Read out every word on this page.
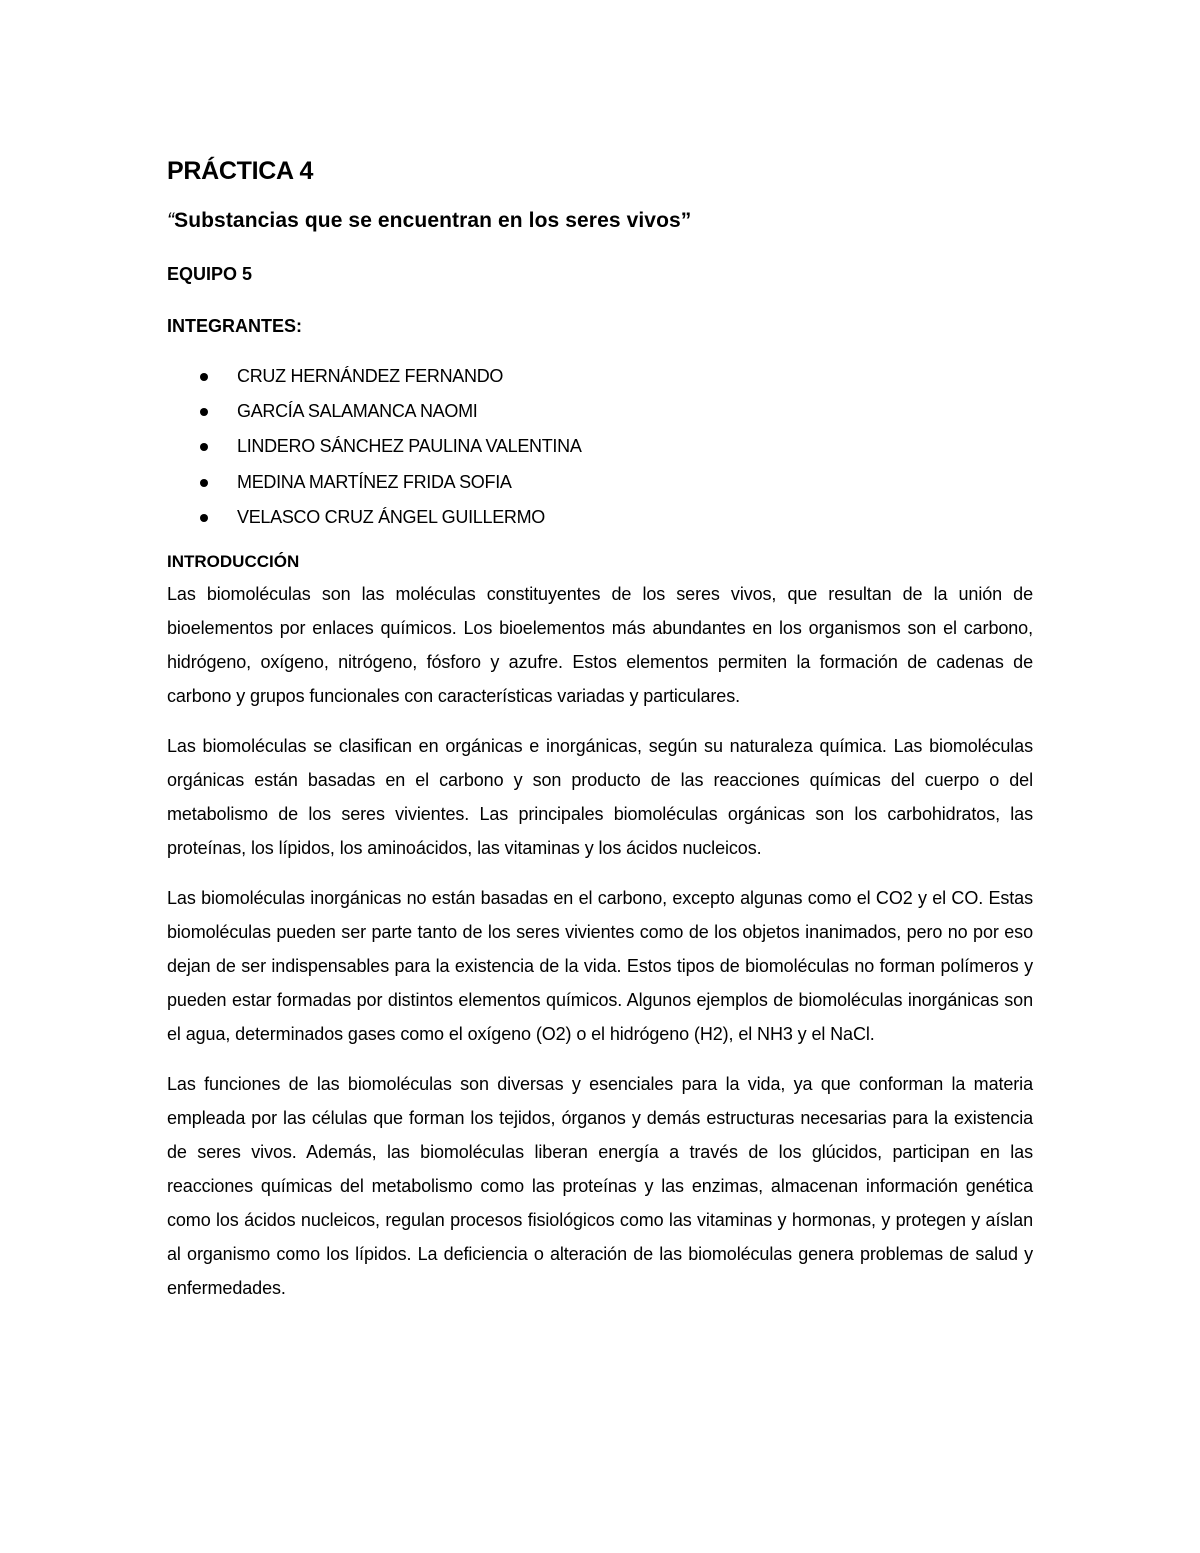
PRÁCTICA 4
“Substancias que se encuentran en los seres vivos”
EQUIPO 5
INTEGRANTES:
CRUZ HERNÁNDEZ FERNANDO
GARCÍA SALAMANCA NAOMI
LINDERO SÁNCHEZ PAULINA VALENTINA
MEDINA MARTÍNEZ FRIDA SOFIA
VELASCO CRUZ ÁNGEL GUILLERMO
INTRODUCCIÓN

Las biomoléculas son las moléculas constituyentes de los seres vivos, que resultan de la unión de bioelementos por enlaces químicos. Los bioelementos más abundantes en los organismos son el carbono, hidrógeno, oxígeno, nitrógeno, fósforo y azufre. Estos elementos permiten la formación de cadenas de carbono y grupos funcionales con características variadas y particulares.

Las biomoléculas se clasifican en orgánicas e inorgánicas, según su naturaleza química. Las biomoléculas orgánicas están basadas en el carbono y son producto de las reacciones químicas del cuerpo o del metabolismo de los seres vivientes. Las principales biomoléculas orgánicas son los carbohidratos, las proteínas, los lípidos, los aminoácidos, las vitaminas y los ácidos nucleicos.

Las biomoléculas inorgánicas no están basadas en el carbono, excepto algunas como el CO2 y el CO. Estas biomoléculas pueden ser parte tanto de los seres vivientes como de los objetos inanimados, pero no por eso dejan de ser indispensables para la existencia de la vida. Estos tipos de biomoléculas no forman polímeros y pueden estar formadas por distintos elementos químicos. Algunos ejemplos de biomoléculas inorgánicas son el agua, determinados gases como el oxígeno (O2) o el hidrógeno (H2), el NH3 y el NaCl.

Las funciones de las biomoléculas son diversas y esenciales para la vida, ya que conforman la materia empleada por las células que forman los tejidos, órganos y demás estructuras necesarias para la existencia de seres vivos. Además, las biomoléculas liberan energía a través de los glúcidos, participan en las reacciones químicas del metabolismo como las proteínas y las enzimas, almacenan información genética como los ácidos nucleicos, regulan procesos fisiológicos como las vitaminas y hormonas, y protegen y aíslan al organismo como los lípidos. La deficiencia o alteración de las biomoléculas genera problemas de salud y enfermedades.
